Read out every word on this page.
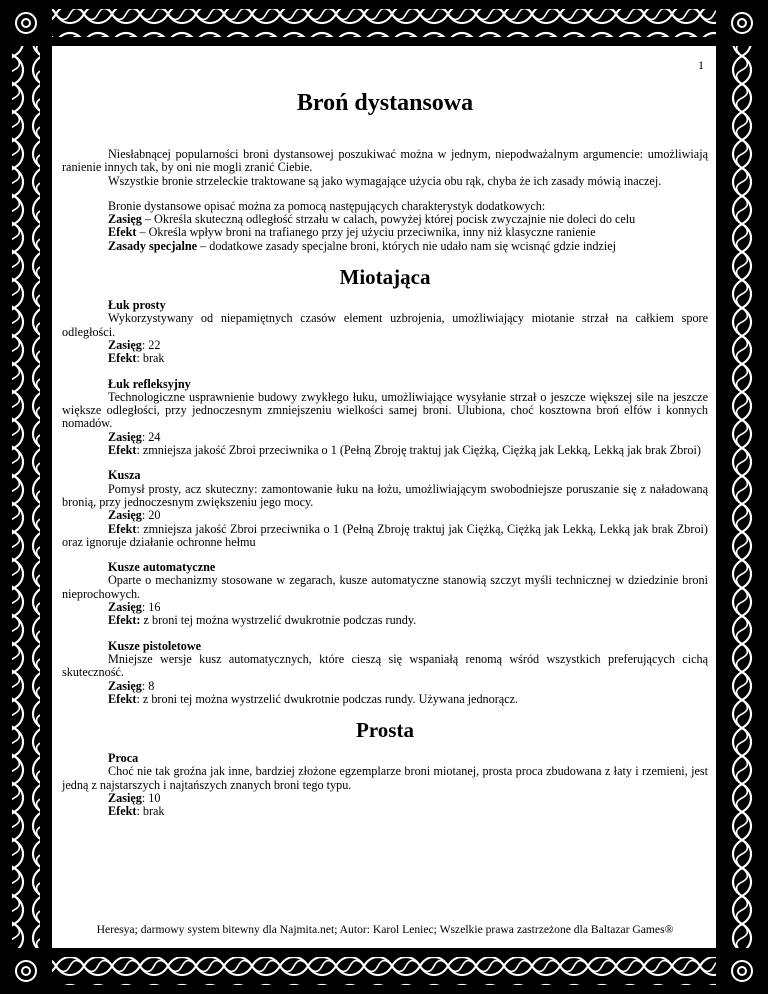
1
Broń dystansowa

Niesłabnącej popularności broni dystansowej poszukiwać można w jednym, niepodważalnym argumencie: umożliwiają ranienie innych tak, by oni nie mogli zranić Ciebie.

Wszystkie bronie strzeleckie traktowane są jako wymagające użycia obu rąk, chyba że ich zasady mówią inaczej.

Bronie dystansowe opisać można za pomocą następujących charakterystyk dodatkowych:

Zasięg – Określa skuteczną odległość strzału w calach, powyżej której pocisk zwyczajnie nie doleci do celu

Efekt – Określa wpływ broni na trafianego przy jej użyciu przeciwnika, inny niż klasyczne ranienie

Zasady specjalne – dodatkowe zasady specjalne broni, których nie udało nam się wcisnąć gdzie indziej

Miotająca

Łuk prosty

Wykorzystywany od niepamiętnych czasów element uzbrojenia, umożliwiający miotanie strzał na całkiem spore odległości.

Zasięg: 22

Efekt: brak

Łuk refleksyjny

Technologiczne usprawnienie budowy zwykłego łuku, umożliwiające wysyłanie strzał o jeszcze większej sile na jeszcze większe odległości, przy jednoczesnym zmniejszeniu wielkości samej broni. Ulubiona, choć kosztowna broń elfów i konnych nomadów.

Zasięg: 24

Efekt: zmniejsza jakość Zbroi przeciwnika o 1 (Pełną Zbroję traktuj jak Ciężką, Ciężką jak Lekką, Lekką jak brak Zbroi)

Kusza

Pomysł prosty, acz skuteczny: zamontowanie łuku na łożu, umożliwiającym swobodniejsze poruszanie się z naładowaną bronią, przy jednoczesnym zwiększeniu jego mocy.

Zasięg: 20

Efekt: zmniejsza jakość Zbroi przeciwnika o 1 (Pełną Zbroję traktuj jak Ciężką, Ciężką jak Lekką, Lekką jak brak Zbroi) oraz ignoruje działanie ochronne hełmu

Kusze automatyczne

Oparte o mechanizmy stosowane w zegarach, kusze automatyczne stanowią szczyt myśli technicznej w dziedzinie broni nieprochowych.

Zasięg: 16

Efekt: z broni tej można wystrzelić dwukrotnie podczas rundy.

Kusze pistoletowe

Mniejsze wersje kusz automatycznych, które cieszą się wspaniałą renomą wśród wszystkich preferujących cichą skuteczność.

Zasięg: 8

Efekt: z broni tej można wystrzelić dwukrotnie podczas rundy. Używana jednorącz.

Prosta

Proca

Choć nie tak groźna jak inne, bardziej złożone egzemplarze broni miotanej, prosta proca zbudowana z łaty i rzemieni, jest jedną z najstarszych i najtańszych znanych broni tego typu.

Zasięg: 10

Efekt: brak

Heresya; darmowy system bitewny dla Najmita.net; Autor: Karol Leniec; Wszelkie prawa zastrzeżone dla Baltazar Games®
